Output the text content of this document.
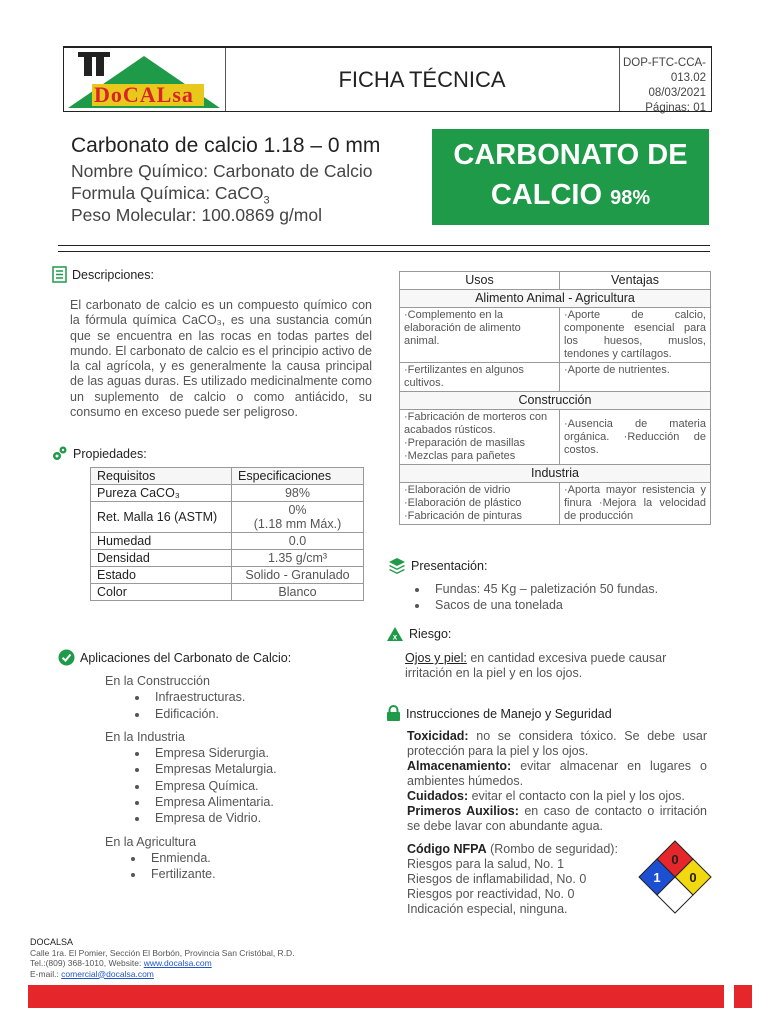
DoCALsa
FICHA TÉCNICA
DOP-FTC-CCA-013.02
08/03/2021
Páginas: 01
Carbonato de calcio 1.18 – 0 mm
Nombre Químico: Carbonato de Calcio
Formula Química: CaCO$_3$
Peso Molecular: 100.0869 g/mol
CARBONATO DE
CALCIO 98%
Descripciones:
El carbonato de calcio es un compuesto químico con la fórmula química CaCO₃, es una sustancia común que se encuentra en las rocas en todas partes del mundo. El carbonato de calcio es el principio activo de la cal agrícola, y es generalmente la causa principal de las aguas duras. Es utilizado medicinalmente como un suplemento de calcio o como antiácido, su consumo en exceso puede ser peligroso.
Propiedades:
Requisitos	Especificaciones
Pureza CaCO₃	98%
Ret. Malla 16 (ASTM)	0%
(1.18 mm Máx.)

Humedad	0.0
Densidad	1.35 g/cm³
Estado	Solido - Granulado
Color	Blanco
Aplicaciones del Carbonato de Calcio:
En la Construcción
• Infraestructuras.
• Edificación.
En la Industria
• Empresa Siderurgia.
• Empresas Metalurgia.
• Empresa Química.
• Empresa Alimentaria.
• Empresa de Vidrio.
En la Agricultura
• Enmienda.
• Fertilizante.
Usos	Ventajas
Alimento Animal - Agricultura	
·Complemento en la elaboración de alimento animal.	·Aporte de calcio, componente esencial para los huesos, muslos, tendones y cartílagos.
·Fertilizantes en algunos cultivos.	·Aporte de nutrientes.
Construcción	
·Fabricación de morteros con acabados rústicos. ·Preparación de masillas ·Mezclas para pañetes	·Ausencia de materia orgánica. ·Reducción de costos.
Industria	
·Elaboración de vidrio ·Elaboración de plástico ·Fabricación de pinturas	·Aporta mayor resistencia y finura ·Mejora la velocidad de producción
Presentación:
• Fundas: 45 Kg – paletización 50 fundas.
• Sacos de una tonelada
x Riesgo:
Ojos y piel: en cantidad excesiva puede causar irritación en la piel y en los ojos.
Instrucciones de Manejo y Seguridad
Toxicidad: no se considera tóxico. Se debe usar protección para la piel y los ojos.
Almacenamiento: evitar almacenar en lugares o ambientes húmedos.
Cuidados: evitar el contacto con la piel y los ojos.
Primeros Auxilios: en caso de contacto o irritación se debe lavar con abundante agua.
Código NFPA (Rombo de seguridad):
Riesgos para la salud, No. 1
Riesgos de inflamabilidad, No. 0
Riesgos por reactividad, No. 0
Indicación especial, ninguna.
0
1 0
DOCALSA
Calle 1ra. El Pomier, Sección El Borbón, Provincia San Cristóbal, R.D.
Tel.:(809) 368-1010, Website: www.docalsa.com
E-mail.: comercial@docalsa.com
